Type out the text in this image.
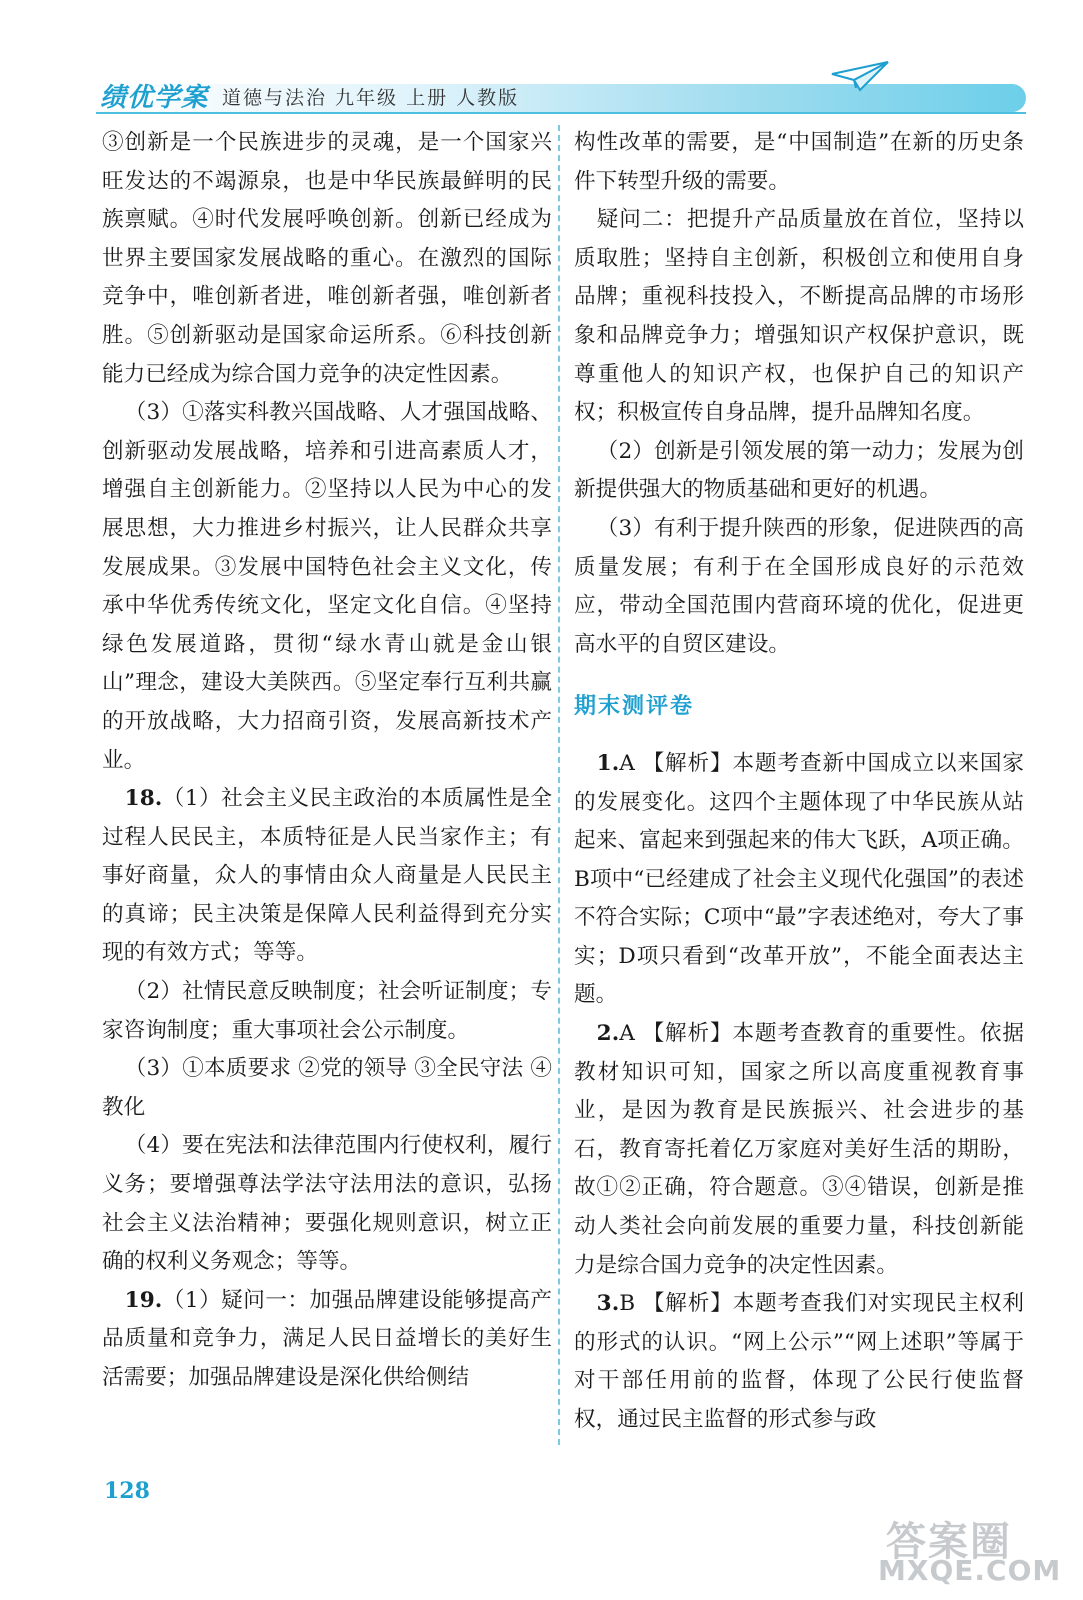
绩优学案 道德与法治 九年级 上册 人教版

③创新是一个民族进步的灵魂，是一个国家兴旺发达的不竭源泉，也是中华民族最鲜明的民族禀赋。④时代发展呼唤创新。创新已经成为世界主要国家发展战略的重心。在激烈的国际竞争中，唯创新者进，唯创新者强，唯创新者胜。⑤创新驱动是国家命运所系。⑥科技创新能力已经成为综合国力竞争的决定性因素。

（3）①落实科教兴国战略、人才强国战略、创新驱动发展战略，培养和引进高素质人才，增强自主创新能力。②坚持以人民为中心的发展思想，大力推进乡村振兴，让人民群众共享发展成果。③发展中国特色社会主义文化，传承中华优秀传统文化，坚定文化自信。④坚持绿色发展道路，贯彻“绿水青山就是金山银山”理念，建设大美陕西。⑤坚定奉行互利共赢的开放战略，大力招商引资，发展高新技术产业。

18.（1）社会主义民主政治的本质属性是全过程人民民主，本质特征是人民当家作主；有事好商量，众人的事情由众人商量是人民民主的真谛；民主决策是保障人民利益得到充分实现的有效方式；等等。

（2）社情民意反映制度；社会听证制度；专家咨询制度；重大事项社会公示制度。

（3）①本质要求 ②党的领导 ③全民守法 ④教化

（4）要在宪法和法律范围内行使权利，履行义务；要增强尊法学法守法用法的意识，弘扬社会主义法治精神；要强化规则意识，树立正确的权利义务观念；等等。

19.（1）疑问一：加强品牌建设能够提高产品质量和竞争力，满足人民日益增长的美好生活需要；加强品牌建设是深化供给侧结

构性改革的需要，是“中国制造”在新的历史条件下转型升级的需要。

疑问二：把提升产品质量放在首位，坚持以质取胜；坚持自主创新，积极创立和使用自身品牌；重视科技投入，不断提高品牌的市场形象和品牌竞争力；增强知识产权保护意识，既尊重他人的知识产权，也保护自己的知识产权；积极宣传自身品牌，提升品牌知名度。

（2）创新是引领发展的第一动力；发展为创新提供强大的物质基础和更好的机遇。

（3）有利于提升陕西的形象，促进陕西的高质量发展；有利于在全国形成良好的示范效应，带动全国范围内营商环境的优化，促进更高水平的自贸区建设。

期末测评卷

1.A 【解析】本题考查新中国成立以来国家的发展变化。这四个主题体现了中华民族从站起来、富起来到强起来的伟大飞跃，A项正确。B项中“已经建成了社会主义现代化强国”的表述不符合实际；C项中“最”字表述绝对，夸大了事实；D项只看到“改革开放”，不能全面表达主题。

2.A 【解析】本题考查教育的重要性。依据教材知识可知，国家之所以高度重视教育事业，是因为教育是民族振兴、社会进步的基石，教育寄托着亿万家庭对美好生活的期盼，故①②正确，符合题意。③④错误，创新是推动人类社会向前发展的重要力量，科技创新能力是综合国力竞争的决定性因素。

3.B 【解析】本题考查我们对实现民主权利的形式的认识。“网上公示”“网上述职”等属于对干部任用前的监督，体现了公民行使监督权，通过民主监督的形式参与政

128
答案圈
MXQE.COM
